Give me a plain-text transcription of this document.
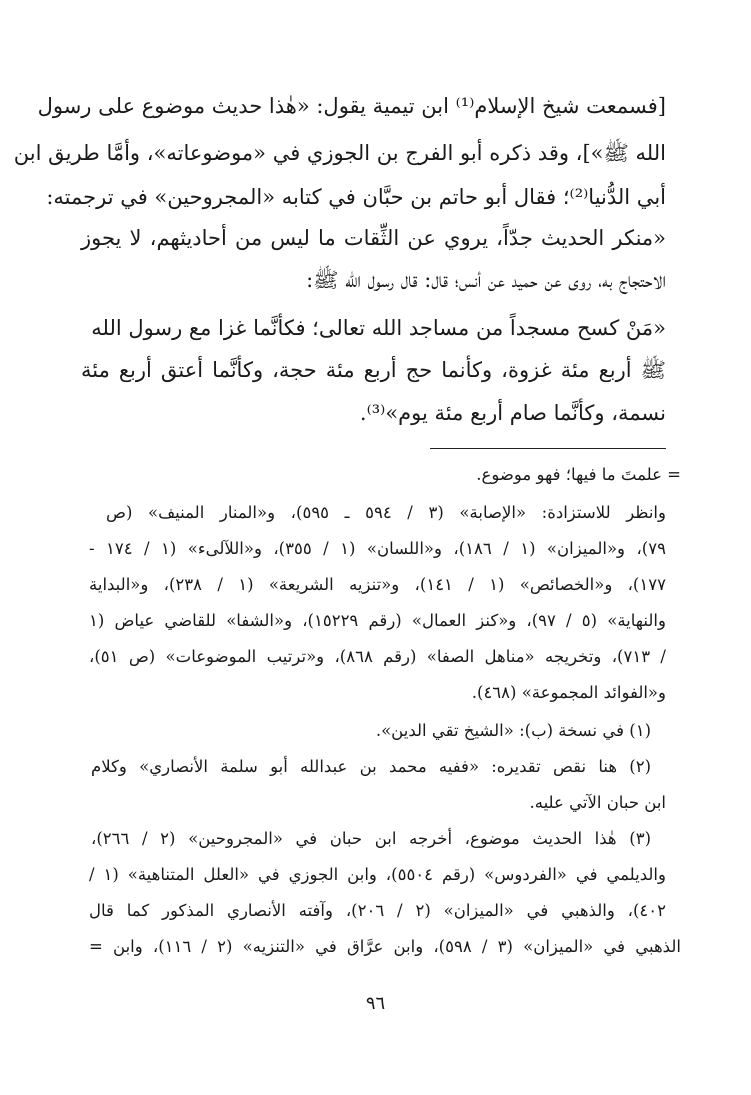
[فسمعت شيخ الإسلام⁽¹⁾ ابن تيمية يقول: «هٰذا حديث موضوع على رسول
الله ﷺ»]، وقد ذكره أبو الفرج بن الجوزي في «موضوعاته»، وأمَّا طريق ابن
أبي الدُّنيا⁽²⁾؛ فقال أبو حاتم بن حبَّان في كتابه «المجروحين» في ترجمته:
«منكر الحديث جدّاً، يروي عن الثِّقات ما ليس من أحاديثهم، لا يجوز
الاحتجاج به، روى عن حميد عن أنس؛ قال: قال رسول الله ﷺ:
«مَنْ كسح مسجداً من مساجد الله تعالى؛ فكأنَّما غزا مع رسول الله
ﷺ أربع مئة غزوة، وكأنما حج أربع مئة حجة، وكأنَّما أعتق أربع مئة
نسمة، وكأنَّما صام أربع مئة يوم»⁽³⁾.
= علمتَ ما فيها؛ فهو موضوع.
وانظر للاستزادة: «الإصابة» (٣ / ٥٩٤ ـ ٥٩٥)، و«المنار المنيف» (ص
٧٩)، و«الميزان» (١ / ١٨٦)، و«اللسان» (١ / ٣٥٥)، و«اللآلىء» (١ / ١٧٤ -
١٧٧)، و«الخصائص» (١ / ١٤١)، و«تنزيه الشريعة» (١ / ٢٣٨)، و«البداية
والنهاية» (٥ / ٩٧)، و«كنز العمال» (رقم ١٥٢٢٩)، و«الشفا» للقاضي عياض (١
/ ٧١٣)، وتخريجه «مناهل الصفا» (رقم ٨٦٨)، و«ترتيب الموضوعات» (ص ٥١)،
و«الفوائد المجموعة» (٤٦٨).
(١) في نسخة (ب): «الشيخ تقي الدين».
(٢) هنا نقص تقديره: «ففيه محمد بن عبدالله أبو سلمة الأنصاري» وكلام
ابن حبان الآتي عليه.
(٣) هٰذا الحديث موضوع، أخرجه ابن حبان في «المجروحين» (٢ / ٢٦٦)،
والديلمي في «الفردوس» (رقم ٥٥٠٤)، وابن الجوزي في «العلل المتناهية» (١ /
٤٠٢)، والذهبي في «الميزان» (٢ / ٢٠٦)، وآفته الأنصاري المذكور كما قال
الذهبي في «الميزان» (٣ / ٥٩٨)، وابن عرَّاق في «التنزيه» (٢ / ١١٦)، وابن =
٩٦
